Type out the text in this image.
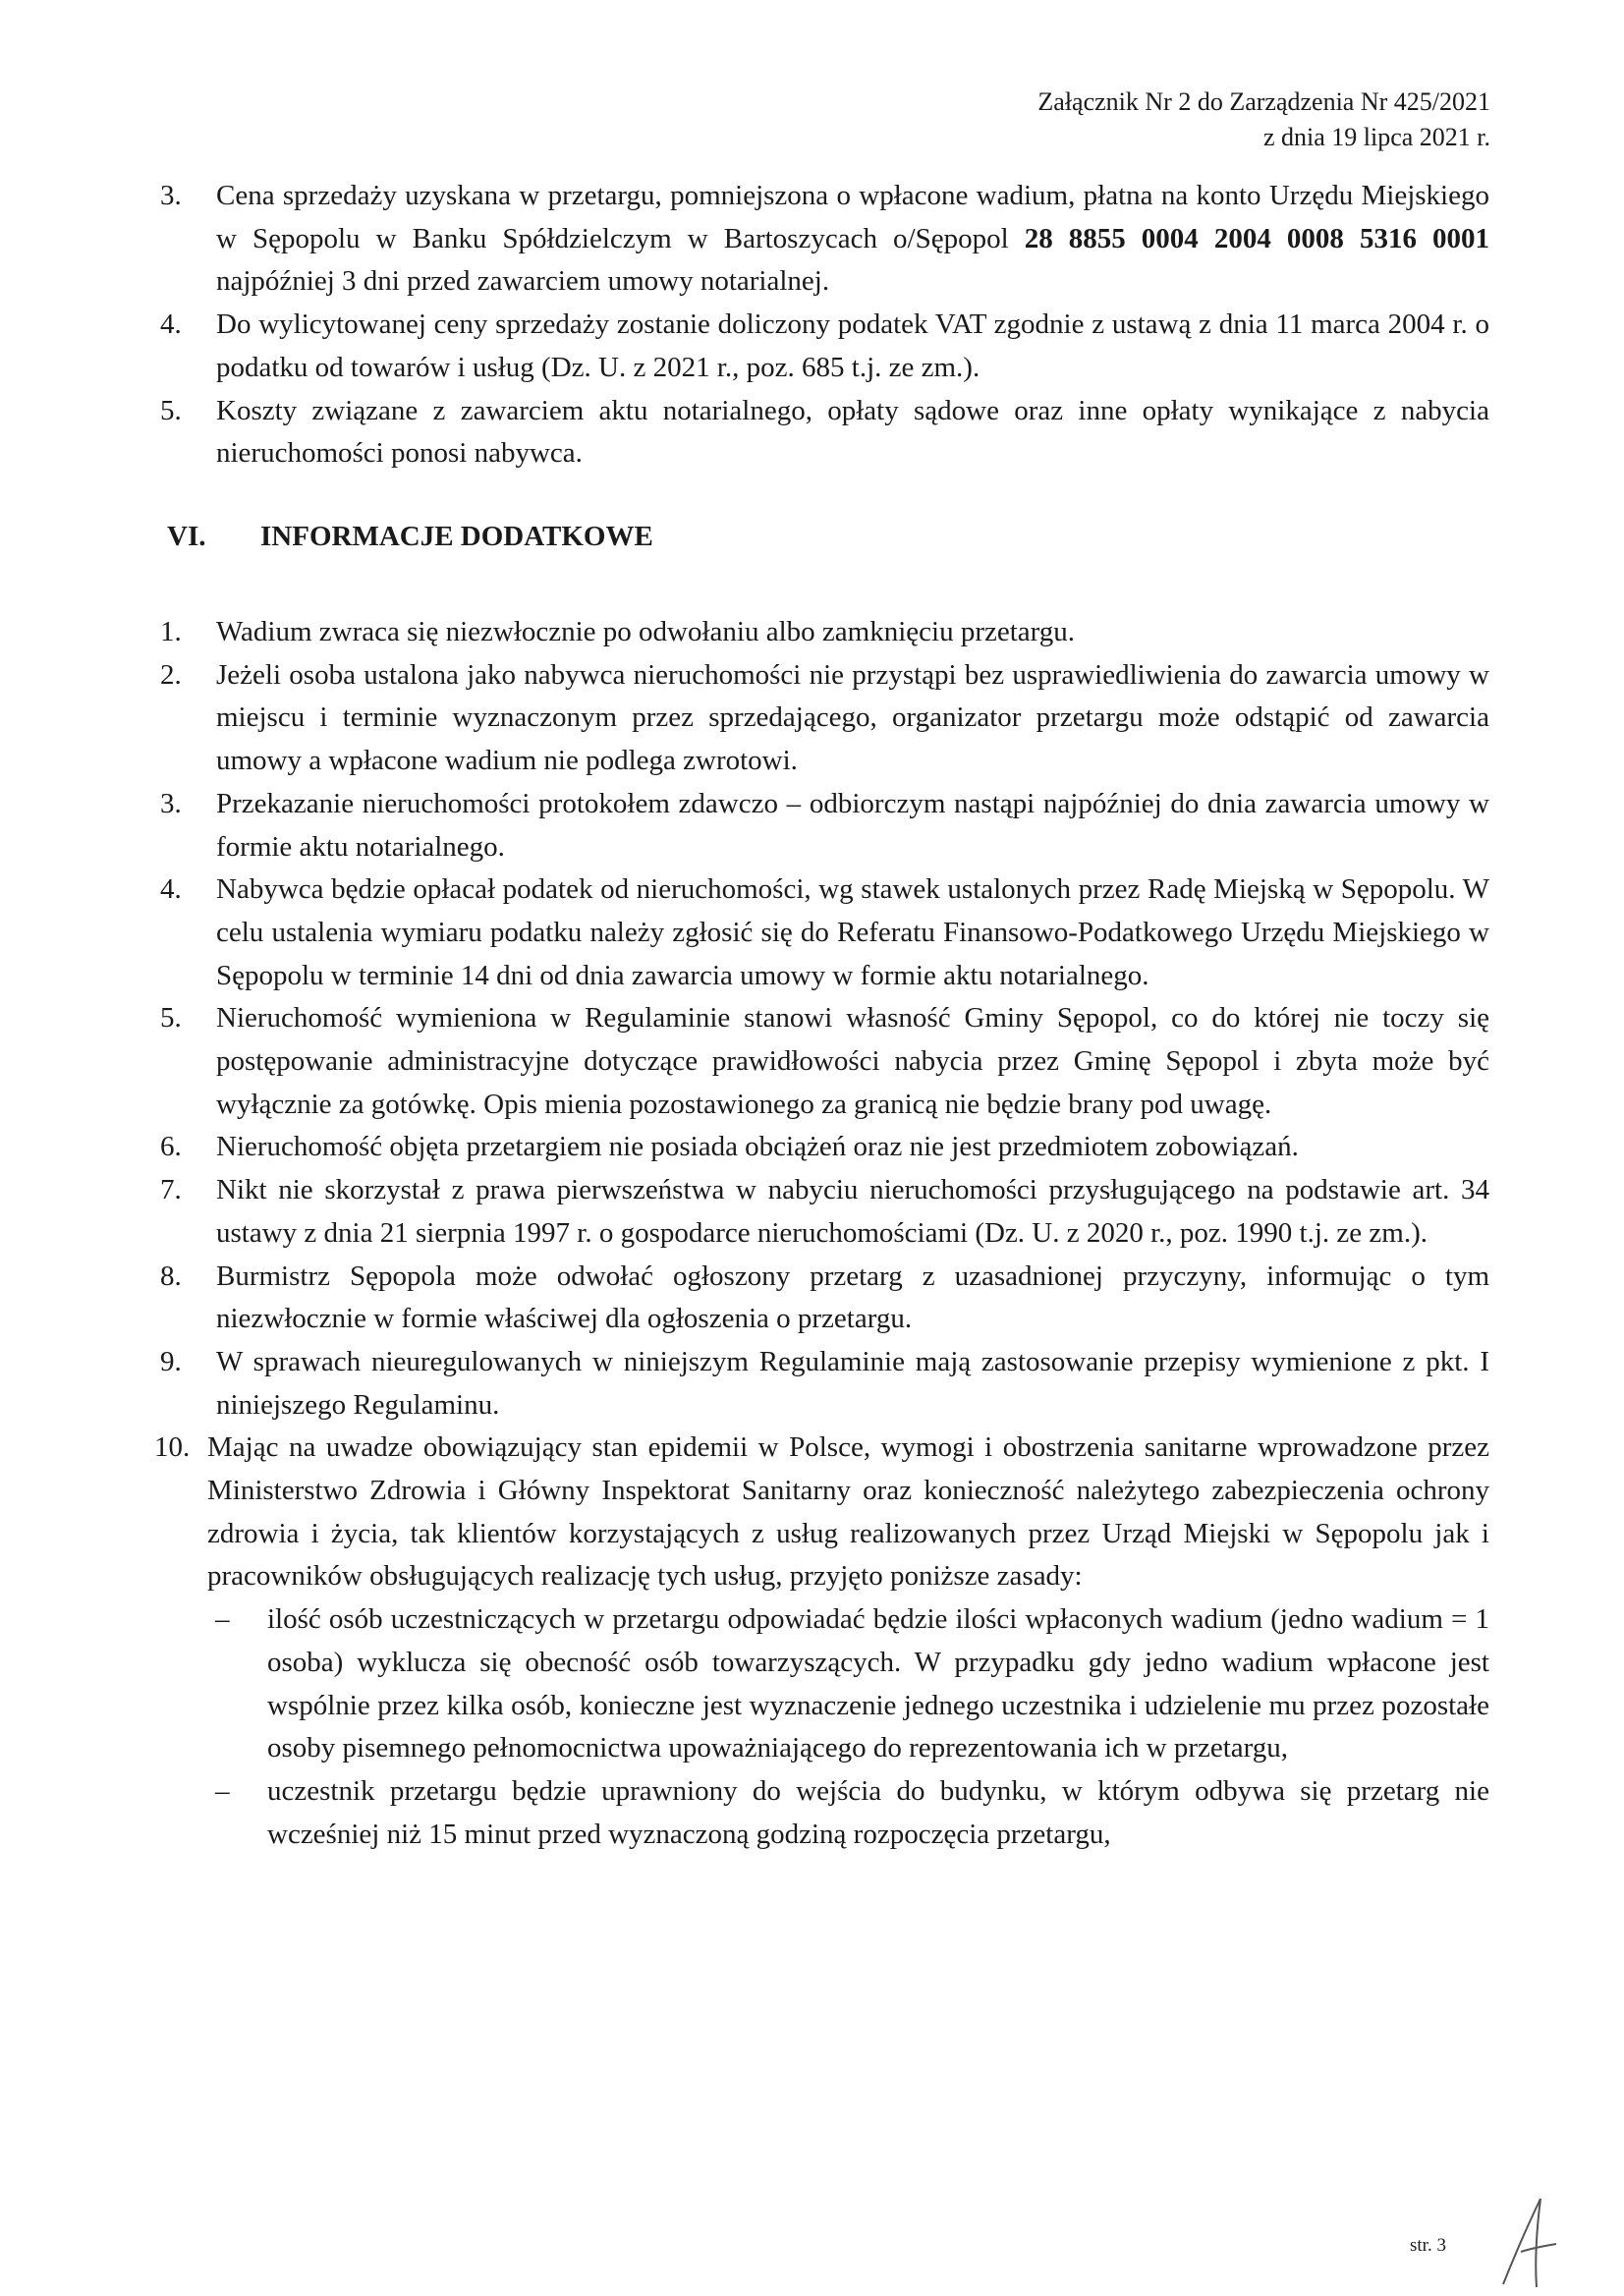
Załącznik Nr 2 do Zarządzenia Nr 425/2021
z dnia 19 lipca 2021 r.
3.	Cena sprzedaży uzyskana w przetargu, pomniejszona o wpłacone wadium, płatna na konto Urzędu Miejskiego w Sępopolu w Banku Spółdzielczym w Bartoszycach o/Sępopol 28 8855 0004 2004 0008 5316 0001 najpóźniej 3 dni przed zawarciem umowy notarialnej.
4.	Do wylicytowanej ceny sprzedaży zostanie doliczony podatek VAT zgodnie z ustawą z dnia 11 marca 2004 r. o podatku od towarów i usług (Dz. U. z 2021 r., poz. 685 t.j. ze zm.).
5.	Koszty związane z zawarciem aktu notarialnego, opłaty sądowe oraz inne opłaty wynikające z nabycia nieruchomości ponosi nabywca.
VI.	INFORMACJE DODATKOWE
1.	Wadium zwraca się niezwłocznie po odwołaniu albo zamknięciu przetargu.
2.	Jeżeli osoba ustalona jako nabywca nieruchomości nie przystąpi bez usprawiedliwienia do zawarcia umowy w miejscu i terminie wyznaczonym przez sprzedającego, organizator przetargu może odstąpić od zawarcia umowy a wpłacone wadium nie podlega zwrotowi.
3.	Przekazanie nieruchomości protokołem zdawczo – odbiorczym nastąpi najpóźniej do dnia zawarcia umowy w formie aktu notarialnego.
4.	Nabywca będzie opłacał podatek od nieruchomości, wg stawek ustalonych przez Radę Miejską w Sępopolu. W celu ustalenia wymiaru podatku należy zgłosić się do Referatu Finansowo-Podatkowego Urzędu Miejskiego w Sępopolu w terminie 14 dni od dnia zawarcia umowy w formie aktu notarialnego.
5.	Nieruchomość wymieniona w Regulaminie stanowi własność Gminy Sępopol, co do której nie toczy się postępowanie administracyjne dotyczące prawidłowości nabycia przez Gminę Sępopol i zbyta może być wyłącznie za gotówkę. Opis mienia pozostawionego za granicą nie będzie brany pod uwagę.
6.	Nieruchomość objęta przetargiem nie posiada obciążeń oraz nie jest przedmiotem zobowiązań.
7.	Nikt nie skorzystał z prawa pierwszeństwa w nabyciu nieruchomości przysługującego na podstawie art. 34 ustawy z dnia 21 sierpnia 1997 r. o gospodarce nieruchomościami (Dz. U. z 2020 r., poz. 1990 t.j. ze zm.).
8.	Burmistrz Sępopola może odwołać ogłoszony przetarg z uzasadnionej przyczyny, informując o tym niezwłocznie w formie właściwej dla ogłoszenia o przetargu.
9.	W sprawach nieuregulowanych w niniejszym Regulaminie mają zastosowanie przepisy wymienione z pkt. I niniejszego Regulaminu.
10. Mając na uwadze obowiązujący stan epidemii w Polsce, wymogi i obostrzenia sanitarne wprowadzone przez Ministerstwo Zdrowia i Główny Inspektorat Sanitarny oraz konieczność należytego zabezpieczenia ochrony zdrowia i życia, tak klientów korzystających z usług realizowanych przez Urząd Miejski w Sępopolu jak i pracowników obsługujących realizację tych usług, przyjęto poniższe zasady:
–	ilość osób uczestniczących w przetargu odpowiadać będzie ilości wpłaconych wadium (jedno wadium = 1 osoba) wyklucza się obecność osób towarzyszących. W przypadku gdy jedno wadium wpłacone jest wspólnie przez kilka osób, konieczne jest wyznaczenie jednego uczestnika i udzielenie mu przez pozostałe osoby pisemnego pełnomocnictwa upoważniającego do reprezentowania ich w przetargu,
–	uczestnik przetargu będzie uprawniony do wejścia do budynku, w którym odbywa się przetarg nie wcześniej niż 15 minut przed wyznaczoną godziną rozpoczęcia przetargu,
str. 3
